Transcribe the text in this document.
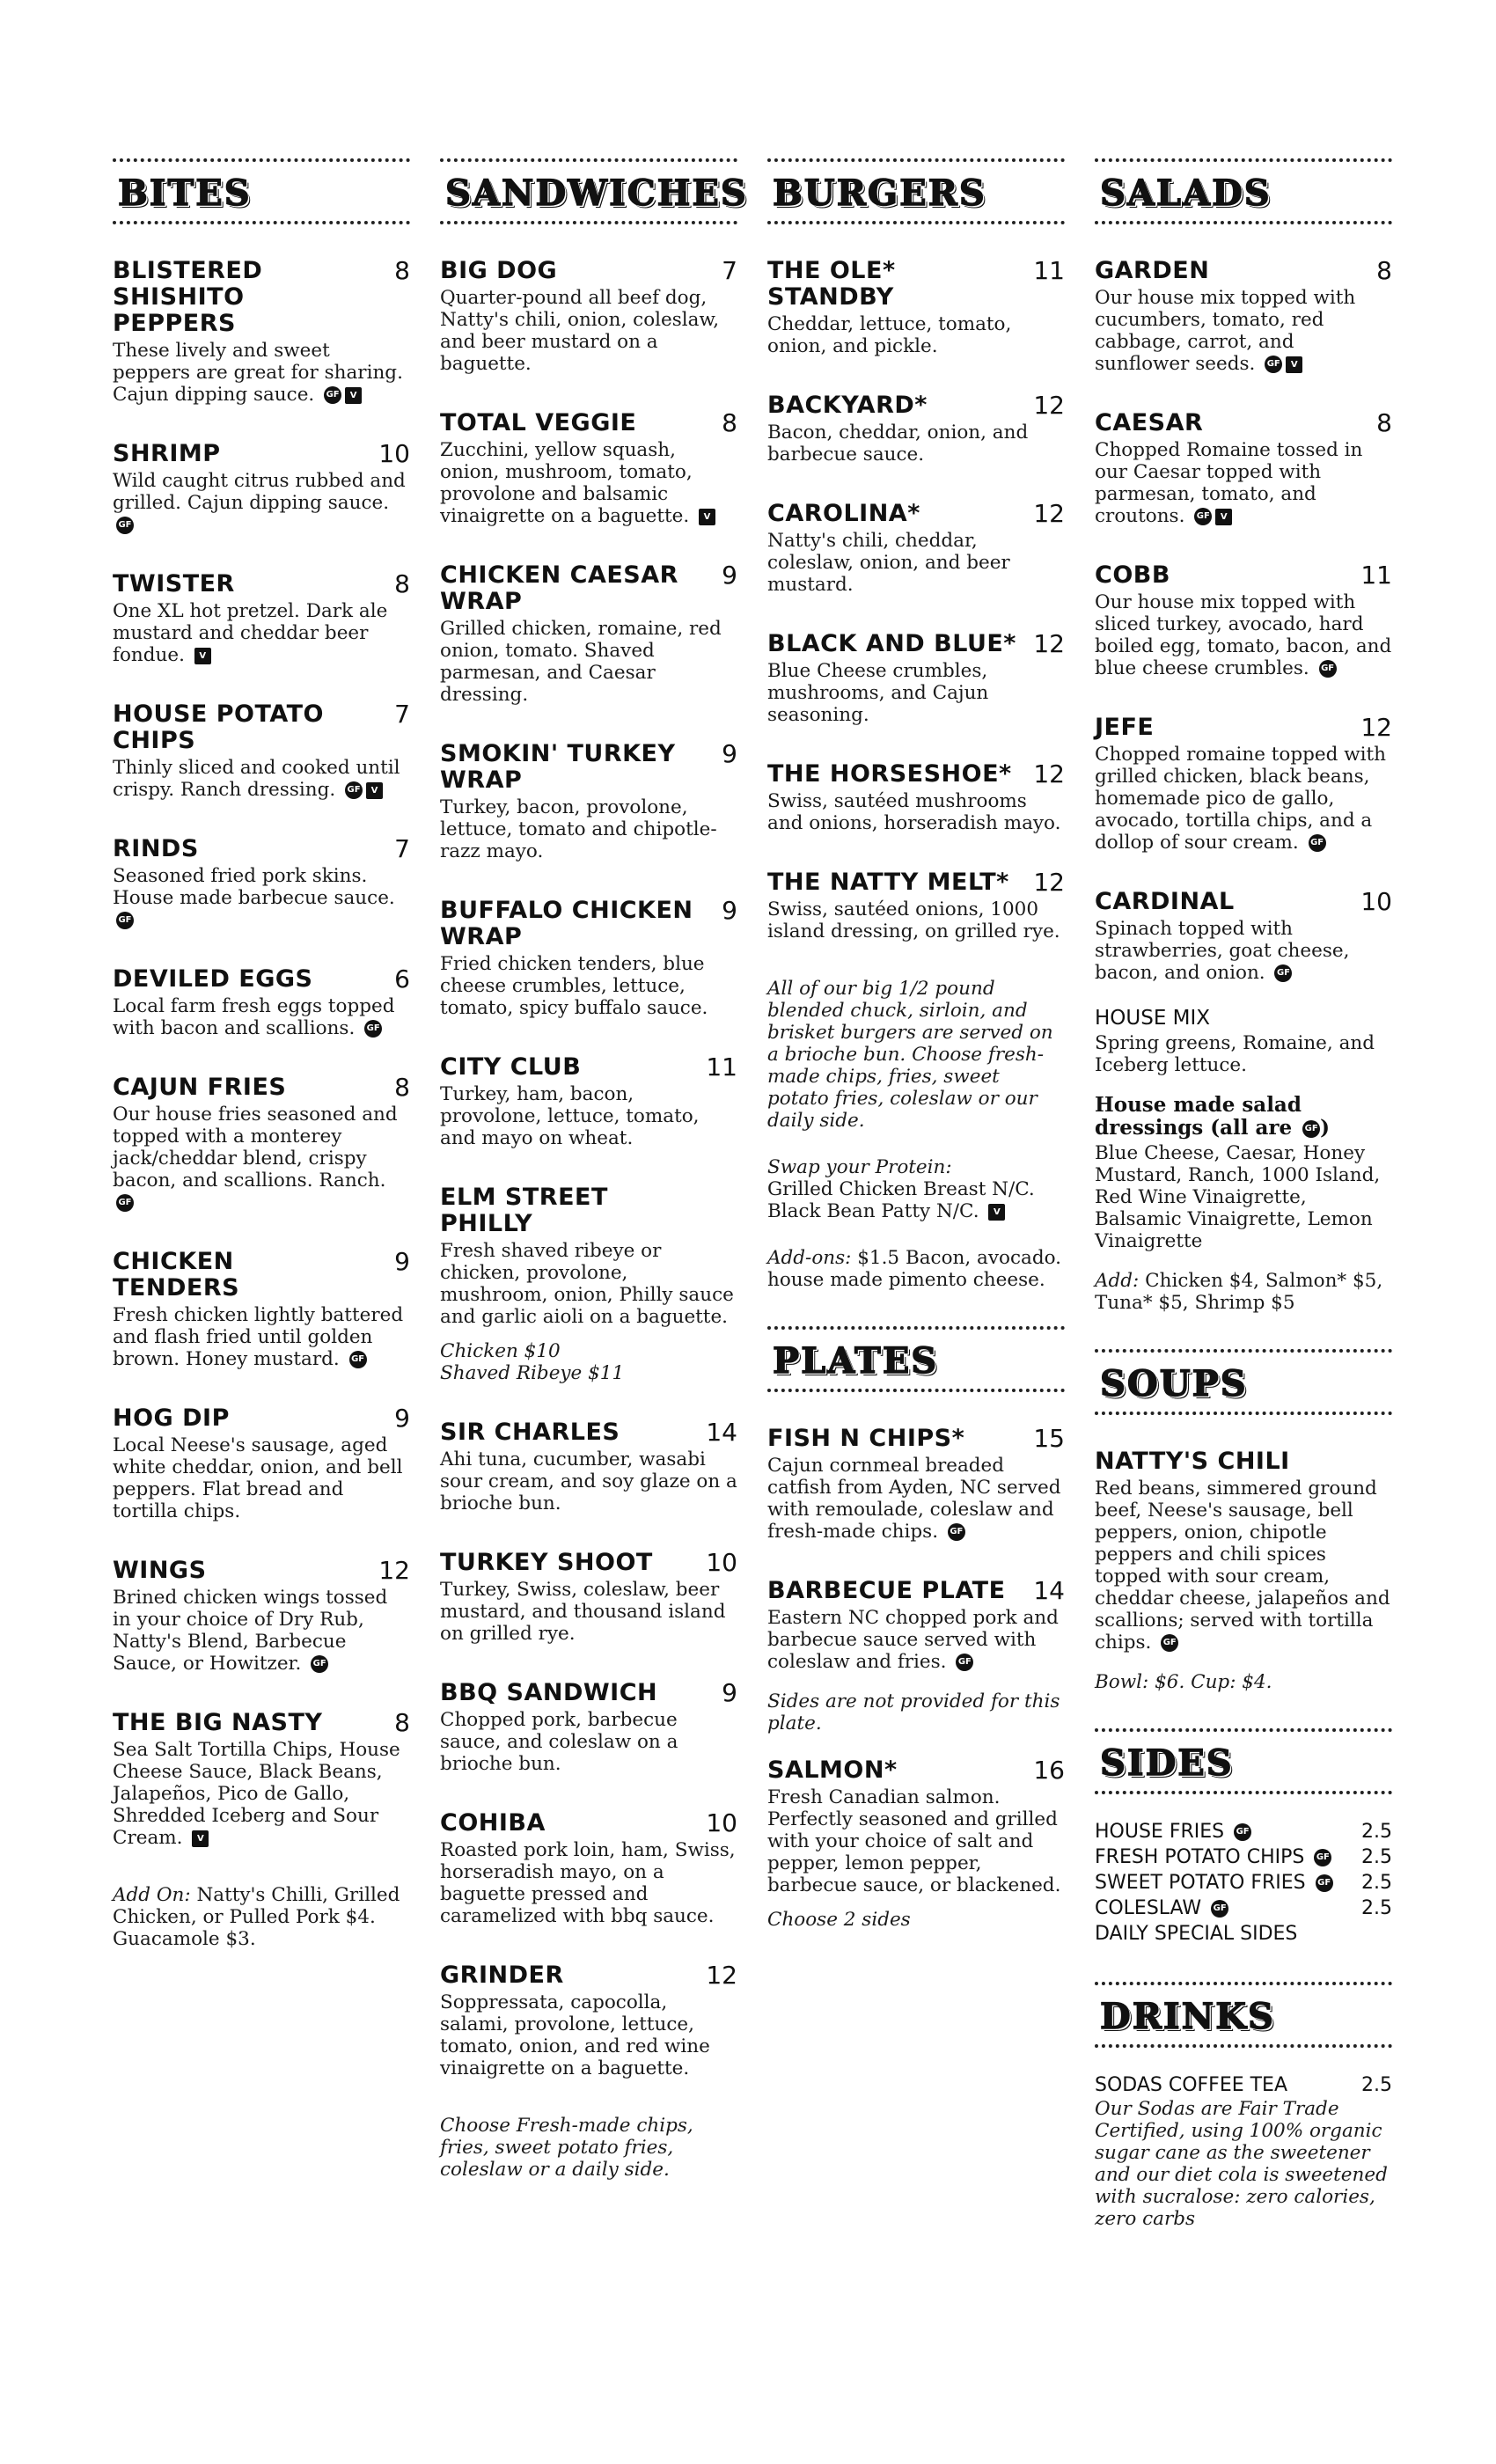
BITES
BLISTERED SHISHITO PEPPERS
8
These lively and sweet peppers are great for sharing. Cajun dipping sauce. GF V
SHRIMP	10
Wild caught citrus rubbed and grilled. Cajun dipping sauce. GF
TWISTER	8
One XL hot pretzel. Dark ale mustard and cheddar beer fondue. V
HOUSE POTATO CHIPS
7
Thinly sliced and cooked until crispy. Ranch dressing. GF V
RINDS	7
Seasoned fried pork skins. House made barbecue sauce. GF
DEVILED EGGS	6
Local farm fresh eggs topped with bacon and scallions. GF
CAJUN FRIES	8
Our house fries seasoned and topped with a monterey jack/cheddar blend, crispy bacon, and scallions. Ranch. GF
CHICKEN TENDERS
9
Fresh chicken lightly battered and flash fried until golden brown. Honey mustard. GF
HOG DIP	9
Local Neese's sausage, aged white cheddar, onion, and bell peppers. Flat bread and tortilla chips.
WINGS	12
Brined chicken wings tossed in your choice of Dry Rub, Natty's Blend, Barbecue Sauce, or Howitzer. GF
THE BIG NASTY	8
Sea Salt Tortilla Chips, House Cheese Sauce, Black Beans, Jalapeños, Pico de Gallo, Shredded Iceberg and Sour Cream. V
Add On: Natty's Chilli, Grilled Chicken, or Pulled Pork $4. Guacamole $3.
SANDWICHES
BIG DOG	7
Quarter-pound all beef dog, Natty's chili, onion, coleslaw, and beer mustard on a baguette.
TOTAL VEGGIE	8
Zucchini, yellow squash, onion, mushroom, tomato, provolone and balsamic vinaigrette on a baguette. V
CHICKEN CAESAR WRAP
9
Grilled chicken, romaine, red onion, tomato. Shaved parmesan, and Caesar dressing.
SMOKIN' TURKEY WRAP
9
Turkey, bacon, provolone, lettuce, tomato and chipotle-razz mayo.
BUFFALO CHICKEN WRAP
9
Fried chicken tenders, blue cheese crumbles, lettuce, tomato, spicy buffalo sauce.
CITY CLUB	11
Turkey, ham, bacon, provolone, lettuce, tomato, and mayo on wheat.
ELM STREET PHILLY
Fresh shaved ribeye or chicken, provolone, mushroom, onion, Philly sauce and garlic aioli on a baguette.
Chicken $10
Shaved Ribeye $11
SIR CHARLES	14
Ahi tuna, cucumber, wasabi sour cream, and soy glaze on a brioche bun.
TURKEY SHOOT 10
Turkey, Swiss, coleslaw, beer mustard, and thousand island on grilled rye.
BBQ SANDWICH	9
Chopped pork, barbecue sauce, and coleslaw on a brioche bun.
COHIBA	10
Roasted pork loin, ham, Swiss, horseradish mayo, on a baguette pressed and caramelized with bbq sauce.
GRINDER	12
Soppressata, capocolla, salami, provolone, lettuce, tomato, onion, and red wine vinaigrette on a baguette.
Choose Fresh-made chips, fries, sweet potato fries, coleslaw or a daily side.
BURGERS
THE OLE* STANDBY
11
Cheddar, lettuce, tomato, onion, and pickle.
BACKYARD*	12
Bacon, cheddar, onion, and barbecue sauce.
CAROLINA*	12
Natty's chili, cheddar, coleslaw, onion, and beer mustard.
BLACK AND BLUE* 12
Blue Cheese crumbles, mushrooms, and Cajun seasoning.
THE HORSESHOE* 12
Swiss, sautéed mushrooms and onions, horseradish mayo.
THE NATTY MELT* 12
Swiss, sautéed onions, 1000 island dressing, on grilled rye.
All of our big 1/2 pound blended chuck, sirloin, and brisket burgers are served on a brioche bun. Choose fresh-made chips, fries, sweet potato fries, coleslaw or our daily side.
Swap your Protein:
Grilled Chicken Breast N/C.
Black Bean Patty N/C. V
Add-ons: $1.5 Bacon, avocado. house made pimento cheese.
PLATES
FISH N CHIPS*	15
Cajun cornmeal breaded catfish from Ayden, NC served with remoulade, coleslaw and fresh-made chips. GF
BARBECUE PLATE 14
Eastern NC chopped pork and barbecue sauce served with coleslaw and fries. GF
Sides are not provided for this plate.
SALMON*	16
Fresh Canadian salmon. Perfectly seasoned and grilled with your choice of salt and pepper, lemon pepper, barbecue sauce, or blackened.
Choose 2 sides
SALADS
GARDEN	8
Our house mix topped with cucumbers, tomato, red cabbage, carrot, and sunflower seeds. GF V
CAESAR	8
Chopped Romaine tossed in our Caesar topped with parmesan, tomato, and croutons. GF V
COBB	11
Our house mix topped with sliced turkey, avocado, hard boiled egg, tomato, bacon, and blue cheese crumbles. GF
JEFE	12
Chopped romaine topped with grilled chicken, black beans, homemade pico de gallo, avocado, tortilla chips, and a dollop of sour cream. GF
CARDINAL	10
Spinach topped with strawberries, goat cheese, bacon, and onion. GF
HOUSE MIX
Spring greens, Romaine, and Iceberg lettuce.
House made salad dressings (all are GF )
Blue Cheese, Caesar, Honey Mustard, Ranch, 1000 Island, Red Wine Vinaigrette, Balsamic Vinaigrette, Lemon Vinaigrette
Add: Chicken $4, Salmon* $5, Tuna* $5, Shrimp $5
SOUPS
NATTY'S CHILI
Red beans, simmered ground beef, Neese's sausage, bell peppers, onion, chipotle peppers and chili spices topped with sour cream, cheddar cheese, jalapeños and scallions; served with tortilla chips. GF
Bowl: $6. Cup: $4.
SIDES
HOUSE FRIES GF	2.5
FRESH POTATO CHIPS GF 2.5
SWEET POTATO FRIES GF 2.5
COLESLAW GF	2.5
DAILY SPECIAL SIDES
DRINKS
SODAS COFFEE TEA	2.5
Our Sodas are Fair Trade Certified, using 100% organic sugar cane as the sweetener and our diet cola is sweetened with sucralose: zero calories, zero carbs
